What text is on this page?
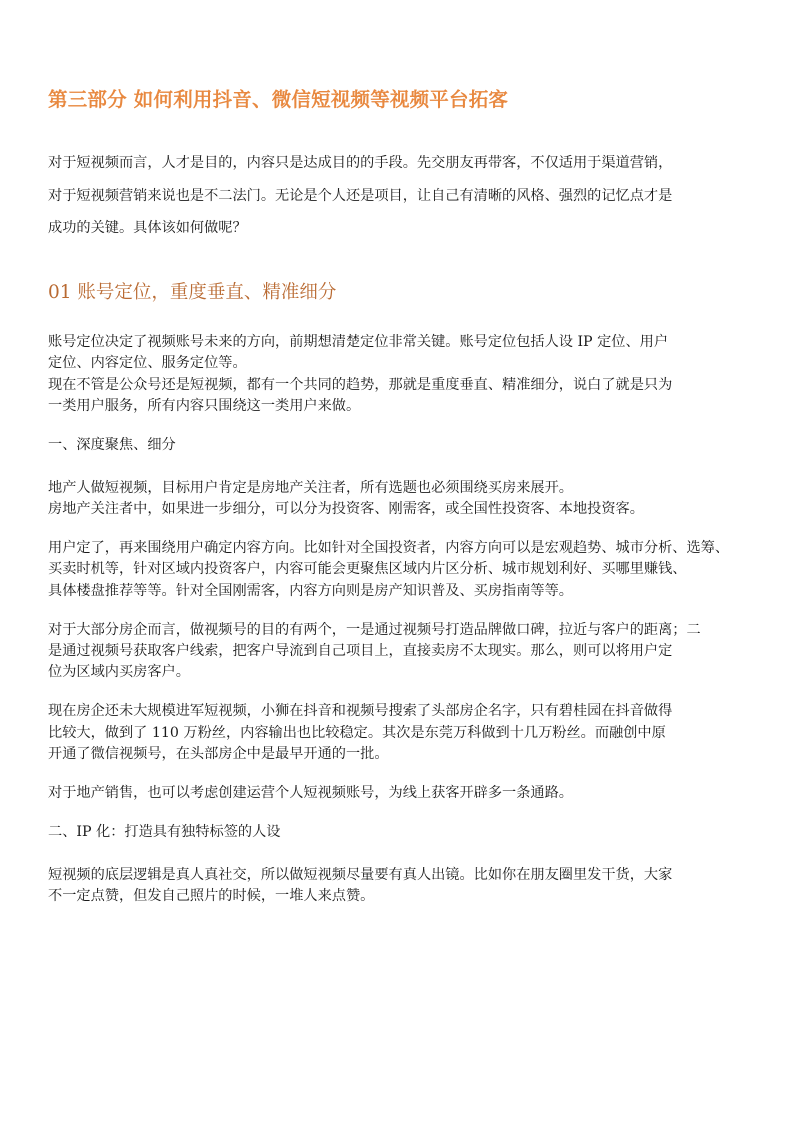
第三部分 如何利用抖音、微信短视频等视频平台拓客

对于短视频而言，人才是目的，内容只是达成目的的手段。先交朋友再带客，不仅适用于渠道营销，
对于短视频营销来说也是不二法门。无论是个人还是项目，让自己有清晰的风格、强烈的记忆点才是
成功的关键。具体该如何做呢？

01 账号定位，重度垂直、精准细分
账号定位决定了视频账号未来的方向，前期想清楚定位非常关键。账号定位包括人设 IP 定位、用户
定位、内容定位、服务定位等。
现在不管是公众号还是短视频，都有一个共同的趋势，那就是重度垂直、精准细分，说白了就是只为
一类用户服务，所有内容只围绕这一类用户来做。
一、深度聚焦、细分
地产人做短视频，目标用户肯定是房地产关注者，所有选题也必须围绕买房来展开。
房地产关注者中，如果进一步细分，可以分为投资客、刚需客，或全国性投资客、本地投资客。
用户定了，再来围绕用户确定内容方向。比如针对全国投资者，内容方向可以是宏观趋势、城市分析、选筹、
买卖时机等，针对区域内投资客户，内容可能会更聚焦区域内片区分析、城市规划利好、买哪里赚钱、
具体楼盘推荐等等。针对全国刚需客，内容方向则是房产知识普及、买房指南等等。
对于大部分房企而言，做视频号的目的有两个，一是通过视频号打造品牌做口碑，拉近与客户的距离；二
是通过视频号获取客户线索，把客户导流到自己项目上，直接卖房不太现实。那么，则可以将用户定
位为区域内买房客户。
现在房企还未大规模进军短视频，小狮在抖音和视频号搜索了头部房企名字，只有碧桂园在抖音做得
比较大，做到了 110 万粉丝，内容输出也比较稳定。其次是东莞万科做到十几万粉丝。而融创中原
开通了微信视频号，在头部房企中是最早开通的一批。
对于地产销售，也可以考虑创建运营个人短视频账号，为线上获客开辟多一条通路。
二、IP 化：打造具有独特标签的人设
短视频的底层逻辑是真人真社交，所以做短视频尽量要有真人出镜。比如你在朋友圈里发干货，大家
不一定点赞，但发自己照片的时候，一堆人来点赞。
